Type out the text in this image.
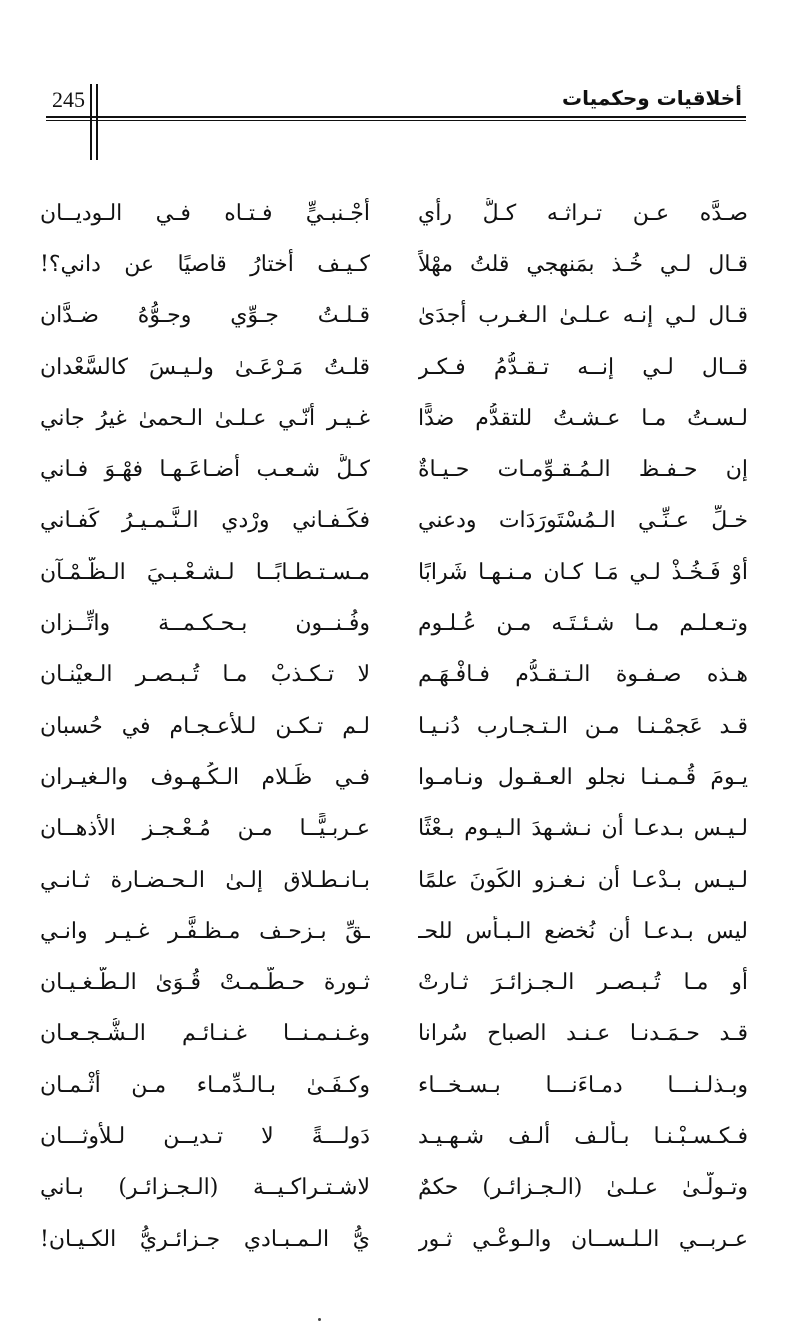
245	أخلاقيات وحكميات
صـدَّه عـن تـراثـه كـلُّ رأي
أجْـنبـيٍّ فـتـاه فـي الـوديــان
قـال لـي خُـذ بمَنهجي قلتُ مهْلاً
كـيـف أختارُ قاصيًا عن داني؟!
قـال لـي إنـه عـلـىٰ الـغـرب أجدَىٰ
قـلـتُ جـوِّي وجـوُّهُ ضـدَّان
قــال لـي إنــه تـقـدُّمُ فـكـر
قلـتُ مَـرْعَـىٰ ولـيـسَ كالسَّعْدان
لـسـتُ مـا عـشـتُ للتقدُّم ضدًّا
غـيـر أنّـي عـلـىٰ الـحمىٰ غيرُ جاني
إن حـفـظ الـمُـقـوِّمـات حـيـاةٌ
كـلُّ شـعـب أضـاعَـهـا فهْـوَ فـاني
خـلِّ عـنِّـي الـمُسْتَورَدَات ودعني
فكَـفـاني ورْدي الـنَّـمـيـرُ كَفـاني
أوْ فَـخُـذْ لـي مَـا كـان مـنـهـا شَرابًا
مـسـتـطـابًــا لـشـعْـبـيَ الـظَّـمْـآن
وتـعـلـم مـا شـئـتَـه مـن عُـلـوم
وفُـنــون بـحـكـمــة واتِّــزان
هـذه صـفـوة الـتـقـدُّم فـافْـهَـم
لا تـكـذبْ مـا تُـبـصـر الـعيْنـان
قـد عَجمْـنـا مـن الـتـجـارب دُنـيـا
لـم تـكـن لـلأعـجـام في حُسبان
يـومَ قُـمـنـا نجلو العـقـول ونـامـوا
فـي ظَـلام الـكُـهـوف والـغيـران
لـيـس بـدعـا أن نـشـهدَ الـيـوم بـعْثًا
عـربـيًّــا مـن مُـعْـجـز الأذهــان
لـيـس بـدْعـا أن نـغـزو الكَونَ علمًا
بـانـطـلاق إلـىٰ الـحـضـارة ثـانـي
ليس بـدعـا أن نُخضع الـبـأس للحـ
ـقِّ بـزحـف مـظـفَّـر غـيـر وانـي
أو مـا تُـبـصـر الـجـزائـرَ ثـارتْ
ثـورة حـطَّـمـتْ قُـوَىٰ الـطُّـغـيـان
قـد حـمَـدنـا عـنـد الصباح سُرانا
وغـنـمـنــا غـنـائـم الـشُّـجـعـان
وبـذلـنـــا دمـاءَنـــا بـسـخــاء
وكـفَـىٰ بـالـدِّمـاء مـن أثْـمـان
فـكـسـبْـنـا بـألـف ألـف شـهـيـد
دَولـــةً لا تـديــن لـلأوثـــان
وتـولَّـىٰ عـلـىٰ (الـجـزائـر) حكمٌ
لاشـتـراكـيــة (الـجـزائـر) بـاني
عـربــي الـلـســان والـوعْـي ثـور
يُّ الـمـبـادي جـزائـريُّ الكـيـان!
